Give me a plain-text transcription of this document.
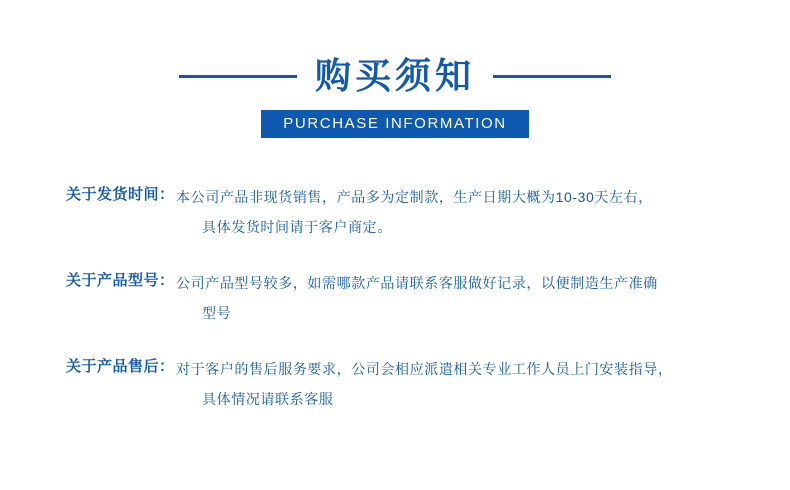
购买须知
PURCHASE INFORMATION
关于发货时间 ： 本公司产品非现货销售，产品多为定制款，生产日期大概为10-30天左右，
具体发货时间请于客户商定。
关于产品型号 ： 公司产品型号较多，如需哪款产品请联系客服做好记录，以便制造生产准确
型号
关于产品售后 ： 对于客户的售后服务要求，公司会相应派遣相关专业工作人员上门安装指导，
具体情况请联系客服
